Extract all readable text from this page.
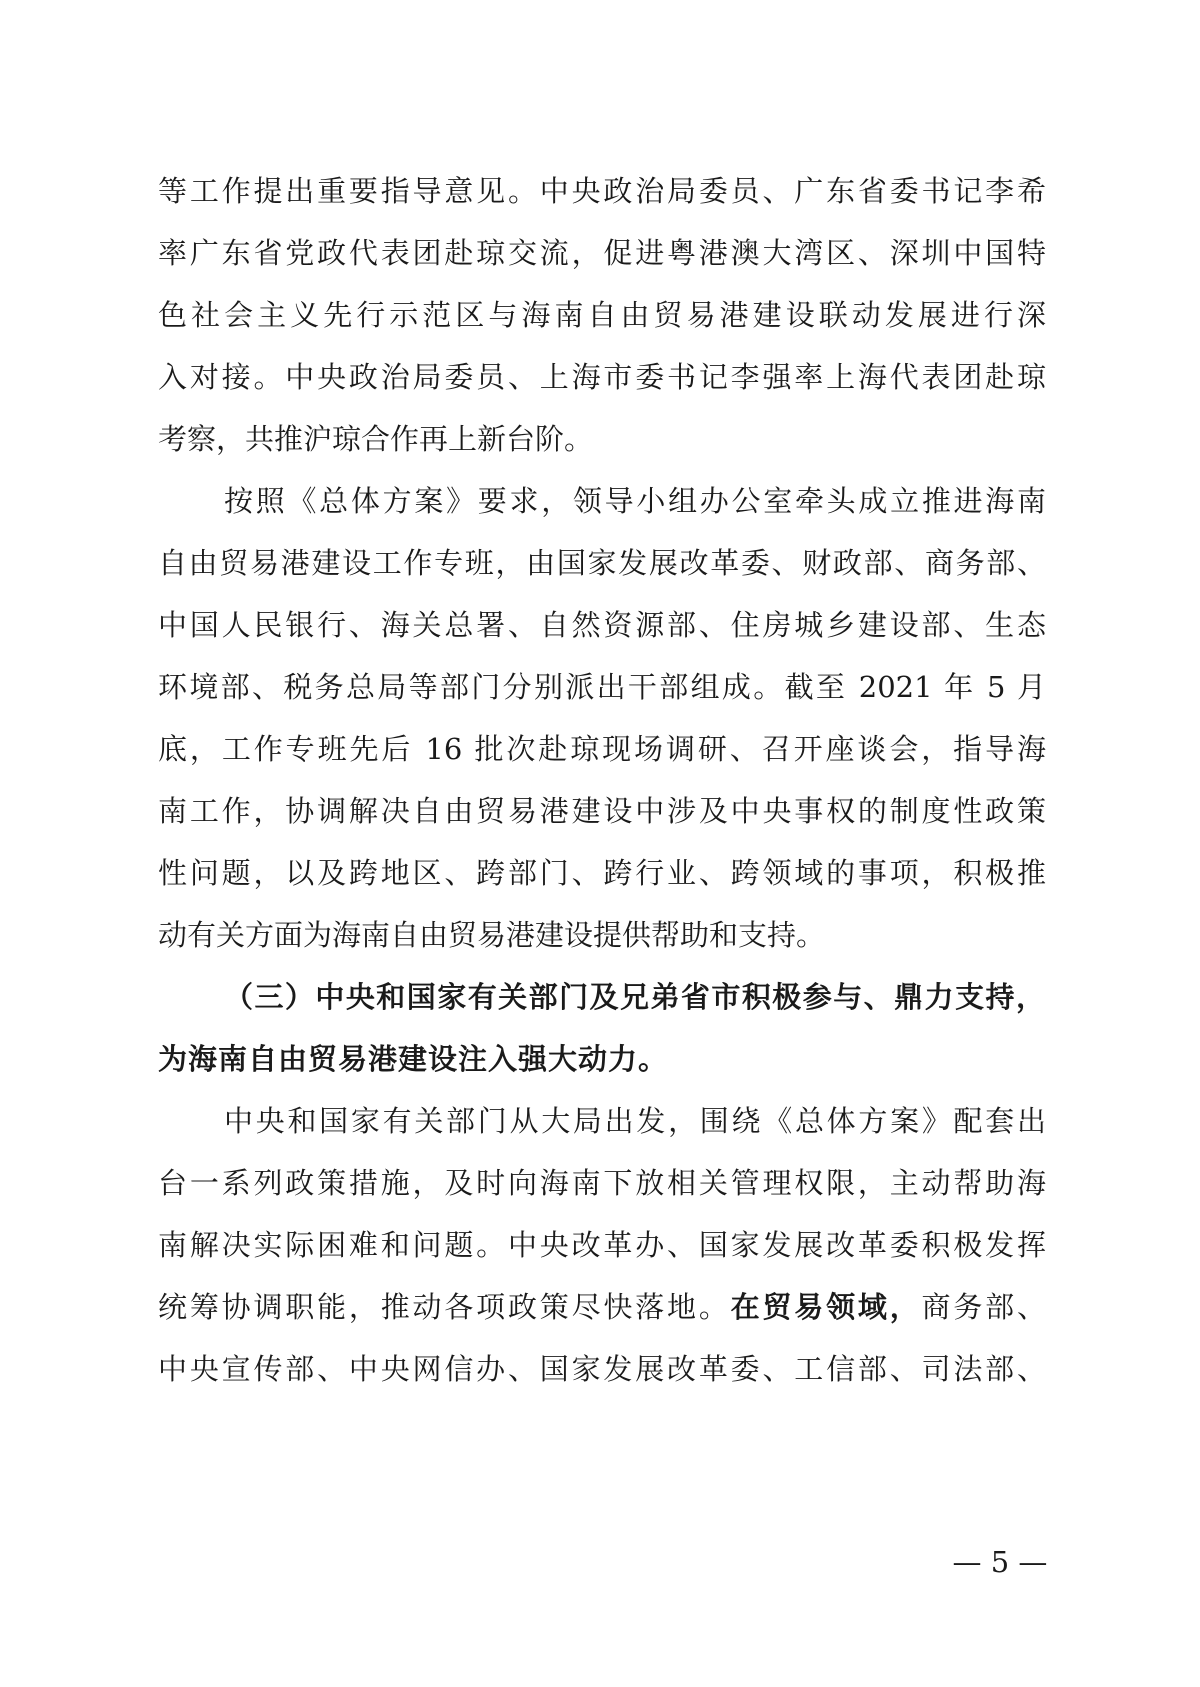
等工作提出重要指导意见。中央政治局委员、广东省委书记李希
率广东省党政代表团赴琼交流，促进粤港澳大湾区、深圳中国特
色社会主义先行示范区与海南自由贸易港建设联动发展进行深
入对接。中央政治局委员、上海市委书记李强率上海代表团赴琼
考察，共推沪琼合作再上新台阶。
按照《总体方案》要求，领导小组办公室牵头成立推进海南
自由贸易港建设工作专班，由国家发展改革委、财政部、商务部、
中国人民银行、海关总署、自然资源部、住房城乡建设部、生态
环境部、税务总局等部门分别派出干部组成。截至 2021 年 5 月
底，工作专班先后 16 批次赴琼现场调研、召开座谈会，指导海
南工作，协调解决自由贸易港建设中涉及中央事权的制度性政策
性问题，以及跨地区、跨部门、跨行业、跨领域的事项，积极推
动有关方面为海南自由贸易港建设提供帮助和支持。
（三）中央和国家有关部门及兄弟省市积极参与、鼎力支持，
为海南自由贸易港建设注入强大动力。
中央和国家有关部门从大局出发，围绕《总体方案》配套出
台一系列政策措施，及时向海南下放相关管理权限，主动帮助海
南解决实际困难和问题。中央改革办、国家发展改革委积极发挥
统筹协调职能，推动各项政策尽快落地。在贸易领域，商务部、
中央宣传部、中央网信办、国家发展改革委、工信部、司法部、
— 5 —
